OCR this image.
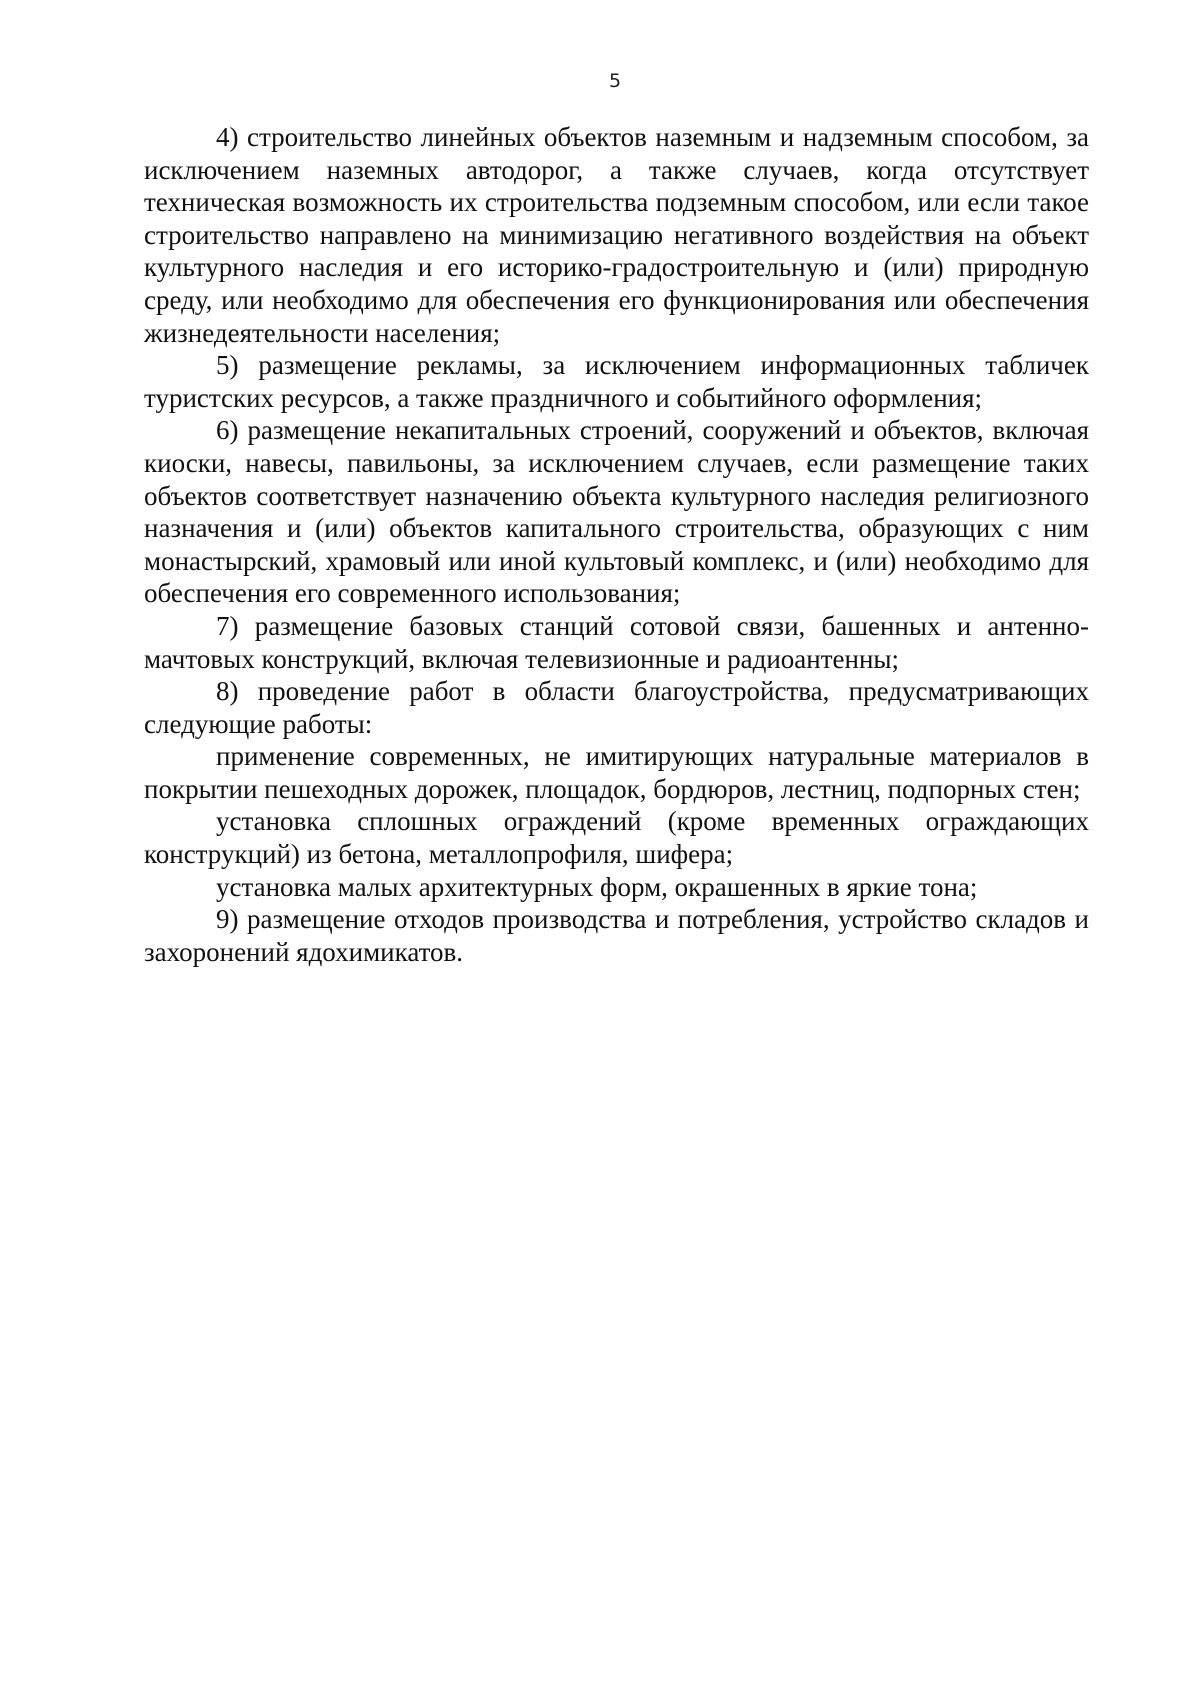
5

4) строительство линейных объектов наземным и надземным способом, за исключением наземных автодорог, а также случаев, когда отсутствует техническая возможность их строительства подземным способом, или если такое строительство направлено на минимизацию негативного воздействия на объект культурного наследия и его историко-градостроительную и (или) природную среду, или необходимо для обеспечения его функционирования или обеспечения жизнедеятельности населения;

5) размещение рекламы, за исключением информационных табличек туристских ресурсов, а также праздничного и событийного оформления;

6) размещение некапитальных строений, сооружений и объектов, включая киоски, навесы, павильоны, за исключением случаев, если размещение таких объектов соответствует назначению объекта культурного наследия религиозного назначения и (или) объектов капитального строительства, образующих с ним монастырский, храмовый или иной культовый комплекс, и (или) необходимо для обеспечения его современного использования;

7) размещение базовых станций сотовой связи, башенных и антенно-мачтовых конструкций, включая телевизионные и радиоантенны;

8) проведение работ в области благоустройства, предусматривающих следующие работы:

применение современных, не имитирующих натуральные материалов в покрытии пешеходных дорожек, площадок, бордюров, лестниц, подпорных стен;

установка сплошных ограждений (кроме временных ограждающих конструкций) из бетона, металлопрофиля, шифера;

установка малых архитектурных форм, окрашенных в яркие тона;

9) размещение отходов производства и потребления, устройство складов и захоронений ядохимикатов.
